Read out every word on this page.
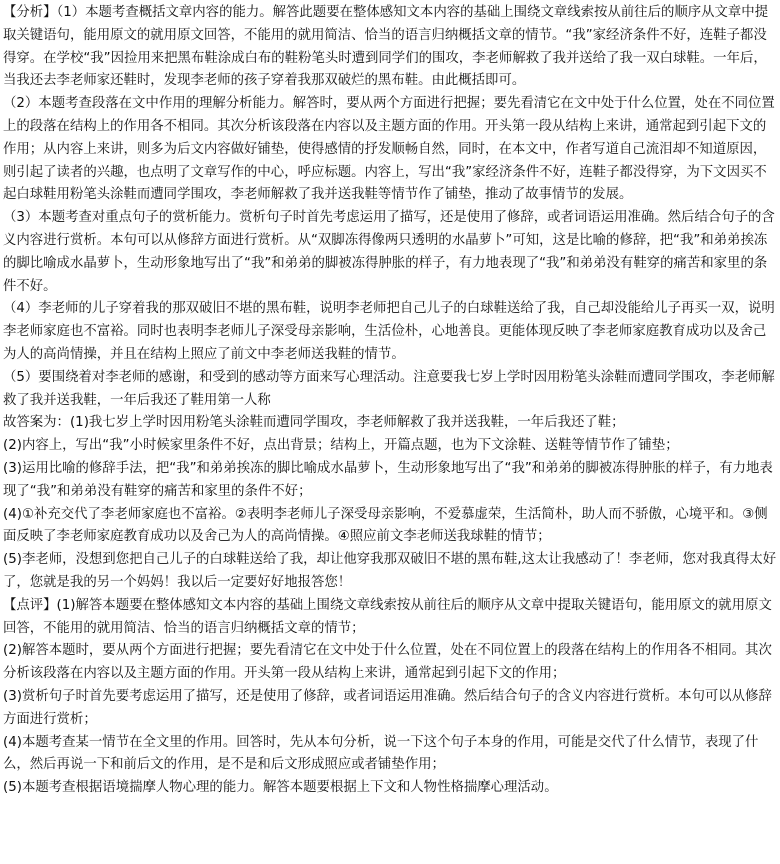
【分析】（1）本题考查概括文章内容的能力。解答此题要在整体感知文本内容的基础上围绕文章线索按从前往后的顺序从文章中提取关键语句，能用原文的就用原文回答，不能用的就用简洁、恰当的语言归纳概括文章的情节。“我”家经济条件不好，连鞋子都没得穿。在学校“我”因捡用来把黑布鞋涂成白布的鞋粉笔头时遭到同学们的围攻，李老师解救了我并送给了我一双白球鞋。一年后，当我还去李老师家还鞋时，发现李老师的孩子穿着我那双破烂的黑布鞋。由此概括即可。

（2）本题考查段落在文中作用的理解分析能力。解答时，要从两个方面进行把握；要先看清它在文中处于什么位置，处在不同位置上的段落在结构上的作用各不相同。其次分析该段落在内容以及主题方面的作用。开头第一段从结构上来讲，通常起到引起下文的作用；从内容上来讲，则多为后文内容做好铺垫，使得感情的抒发顺畅自然，同时，在本文中，作者写道自己流泪却不知道原因，则引起了读者的兴趣，也点明了文章写作的中心，呼应标题。内容上，写出“我”家经济条件不好，连鞋子都没得穿，为下文因买不起白球鞋用粉笔头涂鞋而遭同学围攻，李老师解救了我并送我鞋等情节作了铺垫，推动了故事情节的发展。

（3）本题考查对重点句子的赏析能力。赏析句子时首先考虑运用了描写，还是使用了修辞，或者词语运用准确。然后结合句子的含义内容进行赏析。本句可以从修辞方面进行赏析。从“双脚冻得像两只透明的水晶萝卜”可知，这是比喻的修辞，把“我”和弟弟挨冻的脚比喻成水晶萝卜，生动形象地写出了“我”和弟弟的脚被冻得肿胀的样子，有力地表现了“我”和弟弟没有鞋穿的痛苦和家里的条件不好。

（4）李老师的儿子穿着我的那双破旧不堪的黑布鞋，说明李老师把自己儿子的白球鞋送给了我，自己却没能给儿子再买一双，说明李老师家庭也不富裕。同时也表明李老师儿子深受母亲影响，生活俭朴，心地善良。更能体现反映了李老师家庭教育成功以及舍己为人的高尚情操，并且在结构上照应了前文中李老师送我鞋的情节。

（5）要围绕着对李老师的感谢，和受到的感动等方面来写心理活动。注意要我七岁上学时因用粉笔头涂鞋而遭同学围攻，李老师解救了我并送我鞋，一年后我还了鞋用第一人称

故答案为：(1)我七岁上学时因用粉笔头涂鞋而遭同学围攻，李老师解救了我并送我鞋，一年后我还了鞋；

(2)内容上，写出“我”小时候家里条件不好，点出背景；结构上，开篇点题，也为下文涂鞋、送鞋等情节作了铺垫；

(3)运用比喻的修辞手法，把“我”和弟弟挨冻的脚比喻成水晶萝卜，生动形象地写出了“我”和弟弟的脚被冻得肿胀的样子，有力地表现了“我”和弟弟没有鞋穿的痛苦和家里的条件不好；

(4)①补充交代了李老师家庭也不富裕。②表明李老师儿子深受母亲影响，不爱慕虚荣，生活简朴，助人而不骄傲，心境平和。③侧面反映了李老师家庭教育成功以及舍己为人的高尚情操。④照应前文李老师送我球鞋的情节；

(5)李老师，没想到您把自己儿子的白球鞋送给了我，却让他穿我那双破旧不堪的黑布鞋,这太让我感动了！李老师，您对我真得太好了，您就是我的另一个妈妈！我以后一定要好好地报答您！

【点评】(1)解答本题要在整体感知文本内容的基础上围绕文章线索按从前往后的顺序从文章中提取关键语句，能用原文的就用原文回答，不能用的就用简洁、恰当的语言归纳概括文章的情节；

(2)解答本题时，要从两个方面进行把握；要先看清它在文中处于什么位置，处在不同位置上的段落在结构上的作用各不相同。其次分析该段落在内容以及主题方面的作用。开头第一段从结构上来讲，通常起到引起下文的作用；

(3)赏析句子时首先要考虑运用了描写，还是使用了修辞，或者词语运用准确。然后结合句子的含义内容进行赏析。本句可以从修辞方面进行赏析；

(4)本题考查某一情节在全文里的作用。回答时，先从本句分析，说一下这个句子本身的作用，可能是交代了什么情节，表现了什么，然后再说一下和前后文的作用，是不是和后文形成照应或者铺垫作用；

(5)本题考查根据语境揣摩人物心理的能力。解答本题要根据上下文和人物性格揣摩心理活动。
